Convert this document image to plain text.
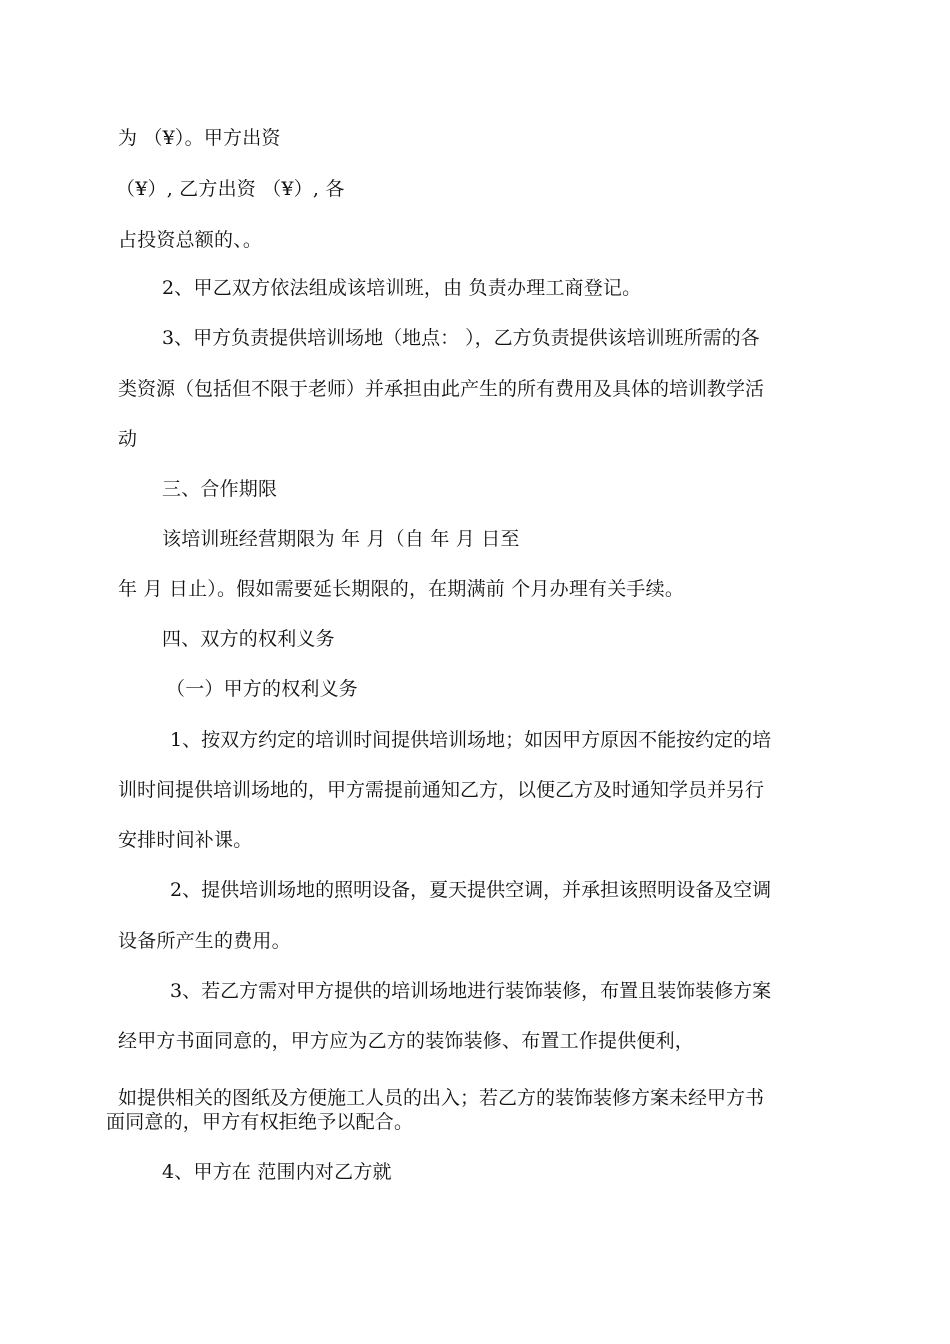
为 （¥）。甲方出资
（¥）, 乙方出资 （¥）, 各
占投资总额的、。
2、甲乙双方依法组成该培训班，由 负责办理工商登记。
3、甲方负责提供培训场地（地点： ），乙方负责提供该培训班所需的各
类资源（包括但不限于老师）并承担由此产生的所有费用及具体的培训教学活
动
三、合作期限
该培训班经营期限为 年 月（自 年 月 日至
年 月 日止）。假如需要延长期限的，在期满前 个月办理有关手续。
四、双方的权利义务
（一）甲方的权利义务
1、按双方约定的培训时间提供培训场地；如因甲方原因不能按约定的培
训时间提供培训场地的，甲方需提前通知乙方，以便乙方及时通知学员并另行
安排时间补课。
2、提供培训场地的照明设备，夏天提供空调，并承担该照明设备及空调
设备所产生的费用。
3、若乙方需对甲方提供的培训场地进行装饰装修，布置且装饰装修方案
经甲方书面同意的，甲方应为乙方的装饰装修、布置工作提供便利，
如提供相关的图纸及方便施工人员的出入；若乙方的装饰装修方案未经甲方书
面同意的，甲方有权拒绝予以配合。
4、甲方在 范围内对乙方就
